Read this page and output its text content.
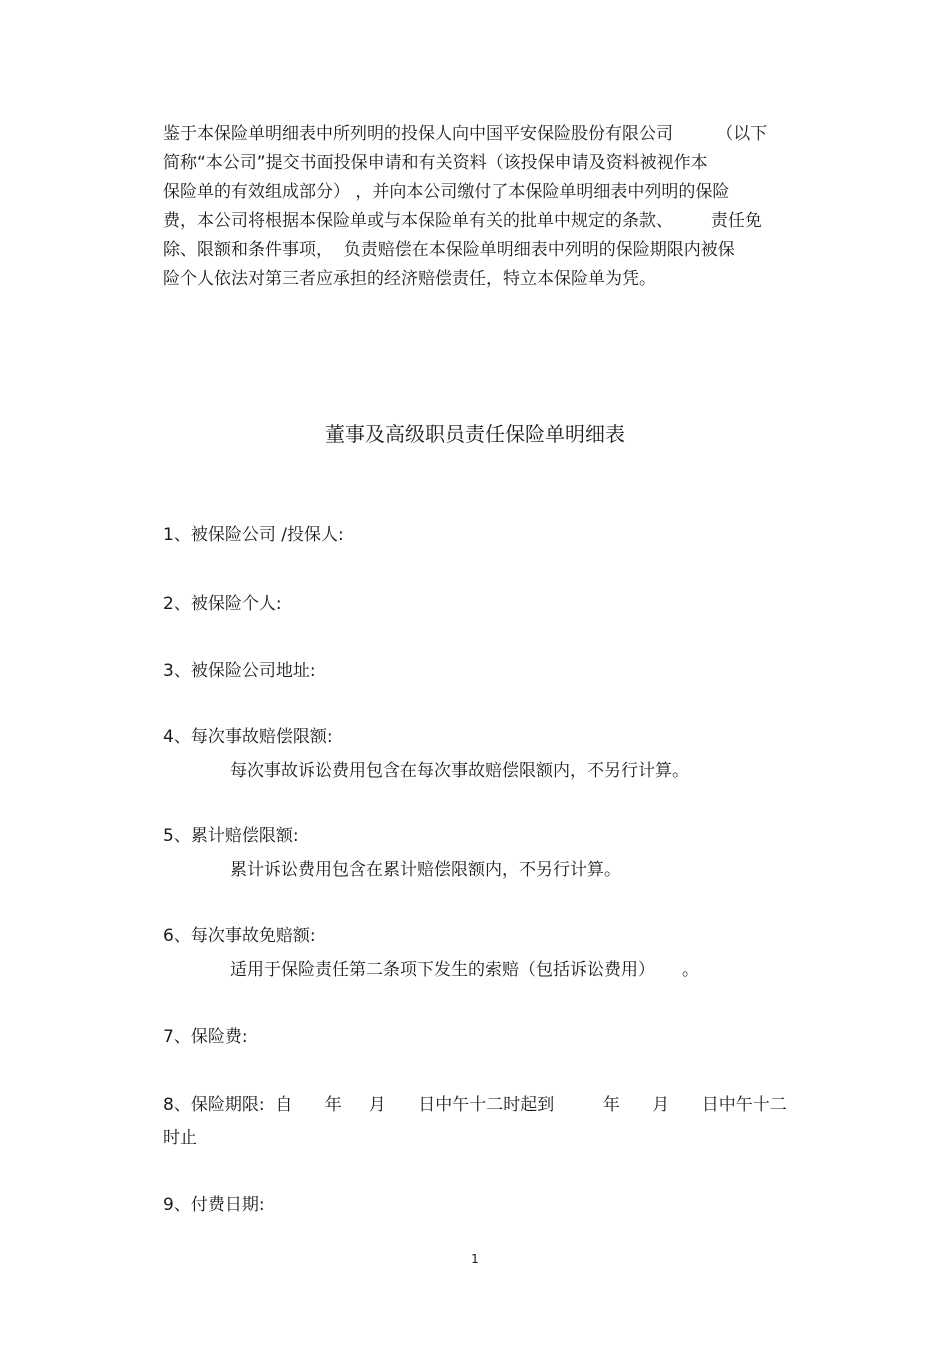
鉴于本保险单明细表中所列明的投保人向中国平安保险股份有限公司        （以下
简称“本公司”提交书面投保申请和有关资料（该投保申请及资料被视作本
保险单的有效组成部分） ，并向本公司缴付了本保险单明细表中列明的保险
费，本公司将根据本保险单或与本保险单有关的批单中规定的条款、       责任免
除、限额和条件事项，  负责赔偿在本保险单明细表中列明的保险期限内被保
险个人依法对第三者应承担的经济赔偿责任，特立本保险单为凭。
董事及高级职员责任保险单明细表
1、被保险公司 /投保人:
2、被保险个人:
3、被保险公司地址:
4、每次事故赔偿限额:
每次事故诉讼费用包含在每次事故赔偿限额内，不另行计算。
5、累计赔偿限额:
累计诉讼费用包含在累计赔偿限额内，不另行计算。
6、每次事故免赔额:
适用于保险责任第二条项下发生的索赔（包括诉讼费用）     。
7、保险费:
8、保险期限:  自      年     月      日中午十二时起到         年      月      日中午十二
时止
9、付费日期:
1
